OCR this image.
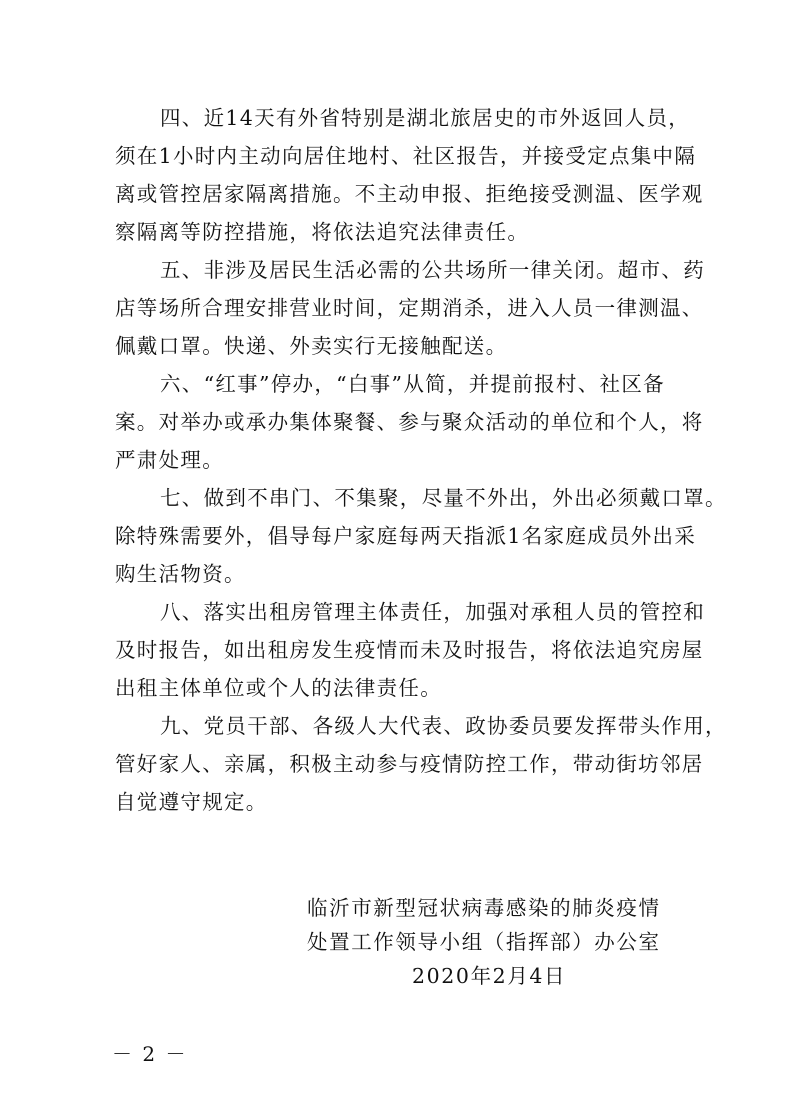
四、近14天有外省特别是湖北旅居史的市外返回人员，
须在1小时内主动向居住地村、社区报告，并接受定点集中隔
离或管控居家隔离措施。不主动申报、拒绝接受测温、医学观
察隔离等防控措施，将依法追究法律责任。
五、非涉及居民生活必需的公共场所一律关闭。超市、药
店等场所合理安排营业时间，定期消杀，进入人员一律测温、
佩戴口罩。快递、外卖实行无接触配送。
六、“红事”停办，“白事”从简，并提前报村、社区备
案。对举办或承办集体聚餐、参与聚众活动的单位和个人，将
严肃处理。
七、做到不串门、不集聚，尽量不外出，外出必须戴口罩。
除特殊需要外，倡导每户家庭每两天指派1名家庭成员外出采
购生活物资。
八、落实出租房管理主体责任，加强对承租人员的管控和
及时报告，如出租房发生疫情而未及时报告，将依法追究房屋
出租主体单位或个人的法律责任。
九、党员干部、各级人大代表、政协委员要发挥带头作用，
管好家人、亲属，积极主动参与疫情防控工作，带动街坊邻居
自觉遵守规定。
临沂市新型冠状病毒感染的肺炎疫情
处置工作领导小组（指挥部）办公室
2020年2月4日
－ 2 －
